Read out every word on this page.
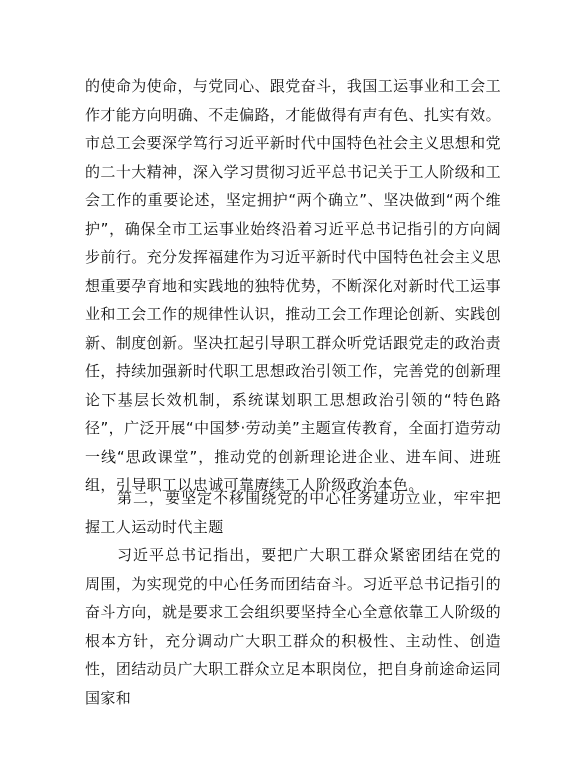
的使命为使命，与党同心、跟党奋斗，我国工运事业和工会工作才能方向明确、不走偏路，才能做得有声有色、扎实有效。市总工会要深学笃行习近平新时代中国特色社会主义思想和党的二十大精神，深入学习贯彻习近平总书记关于工人阶级和工会工作的重要论述，坚定拥护“两个确立”、坚决做到“两个维护”，确保全市工运事业始终沿着习近平总书记指引的方向阔步前行。充分发挥福建作为习近平新时代中国特色社会主义思想重要孕育地和实践地的独特优势，不断深化对新时代工运事业和工会工作的规律性认识，推动工会工作理论创新、实践创新、制度创新。坚决扛起引导职工群众听党话跟党走的政治责任，持续加强新时代职工思想政治引领工作，完善党的创新理论下基层长效机制，系统谋划职工思想政治引领的“特色路径”，广泛开展“中国梦·劳动美”主题宣传教育，全面打造劳动一线“思政课堂”，推动党的创新理论进企业、进车间、进班组，引导职工以忠诚可靠赓续工人阶级政治本色。

第二，要坚定不移围绕党的中心任务建功立业，牢牢把握工人运动时代主题

习近平总书记指出，要把广大职工群众紧密团结在党的周围，为实现党的中心任务而团结奋斗。习近平总书记指引的奋斗方向，就是要求工会组织要坚持全心全意依靠工人阶级的根本方针，充分调动广大职工群众的积极性、主动性、创造性，团结动员广大职工群众立足本职岗位，把自身前途命运同国家和
